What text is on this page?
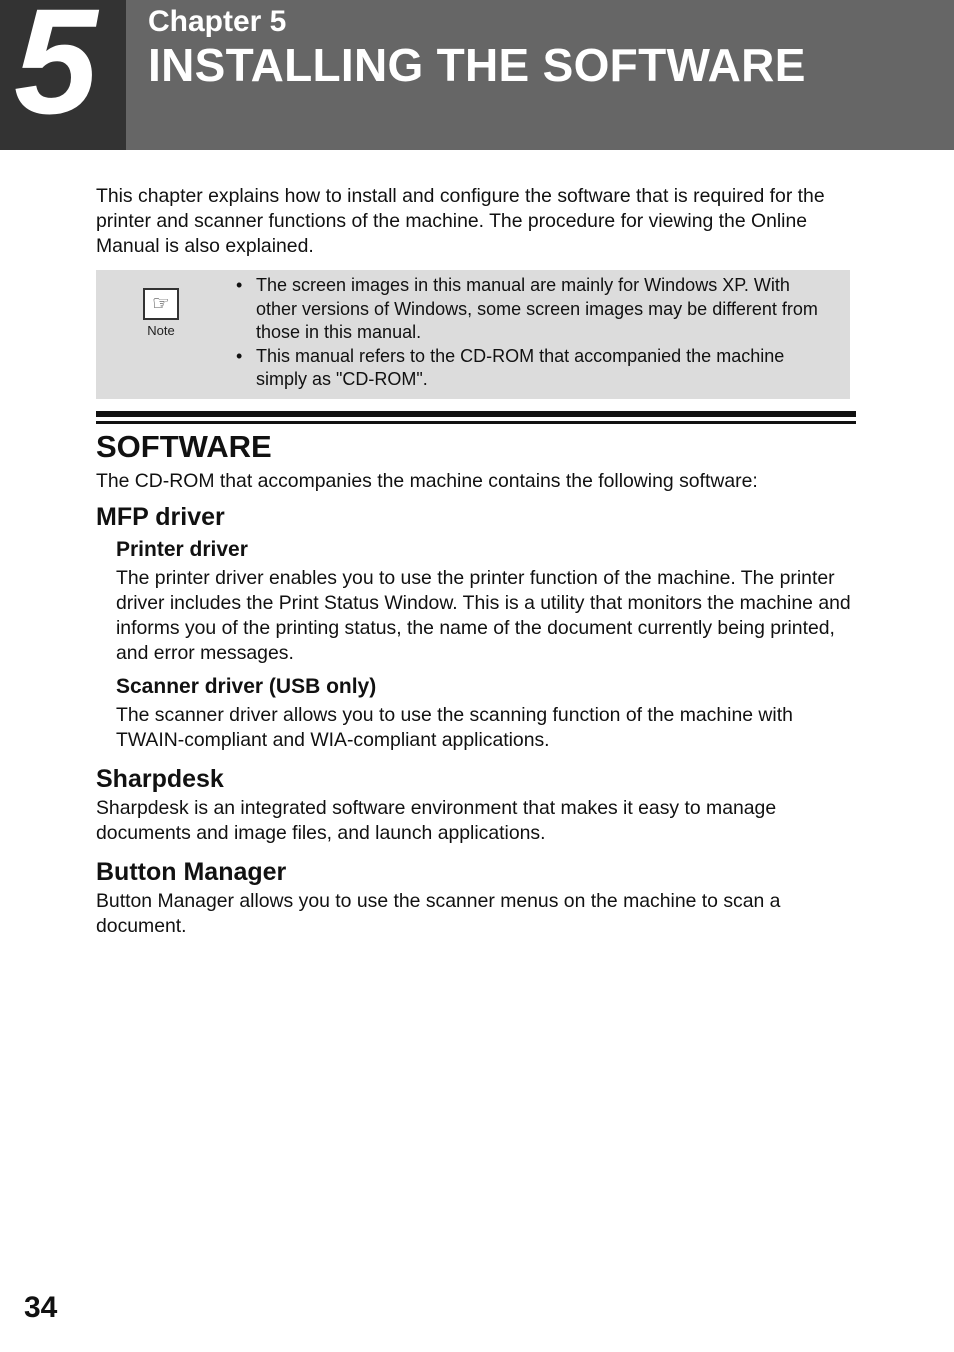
5 Chapter 5
INSTALLING THE SOFTWARE

This chapter explains how to install and configure the software that is required for the printer and scanner functions of the machine. The procedure for viewing the Online Manual is also explained.

☞
Note
• The screen images in this manual are mainly for Windows XP. With other versions of Windows, some screen images may be different from those in this manual.
• This manual refers to the CD-ROM that accompanied the machine simply as "CD-ROM".
SOFTWARE

The CD-ROM that accompanies the machine contains the following software:

MFP driver
Printer driver

The printer driver enables you to use the printer function of the machine. The printer driver includes the Print Status Window. This is a utility that monitors the machine and informs you of the printing status, the name of the document currently being printed, and error messages.

Scanner driver (USB only)

The scanner driver allows you to use the scanning function of the machine with TWAIN-compliant and WIA-compliant applications.

Sharpdesk

Sharpdesk is an integrated software environment that makes it easy to manage documents and image files, and launch applications.

Button Manager

Button Manager allows you to use the scanner menus on the machine to scan a document.

34
